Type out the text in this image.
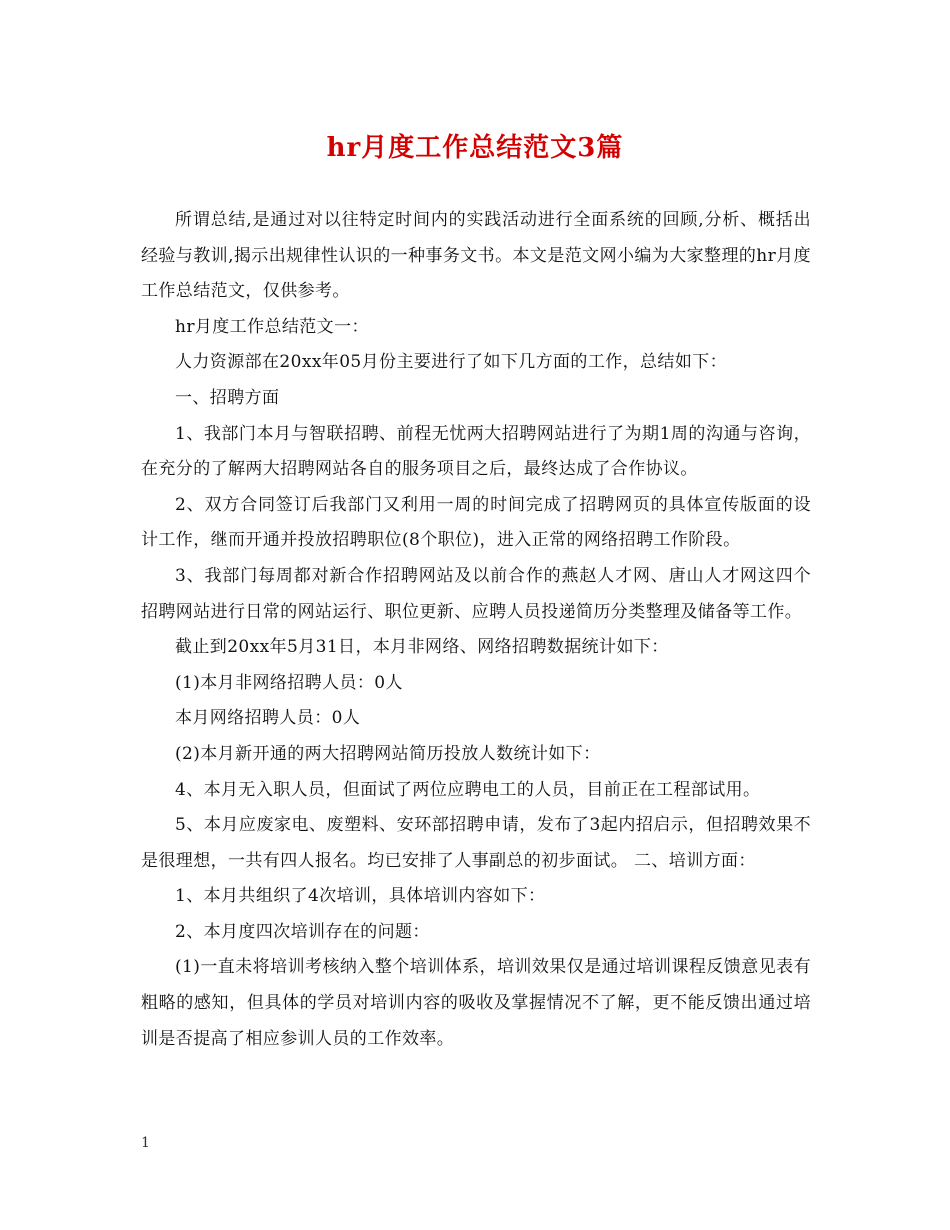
hr月度工作总结范文3篇

所谓总结,是通过对以往特定时间内的实践活动进行全面系统的回顾,分析、概括出经验与教训,揭示出规律性认识的一种事务文书。本文是范文网小编为大家整理的hr月度工作总结范文，仅供参考。

hr月度工作总结范文一：

人力资源部在20xx年05月份主要进行了如下几方面的工作，总结如下：

一、招聘方面

1、我部门本月与智联招聘、前程无忧两大招聘网站进行了为期1周的沟通与咨询，在充分的了解两大招聘网站各自的服务项目之后，最终达成了合作协议。

2、双方合同签订后我部门又利用一周的时间完成了招聘网页的具体宣传版面的设计工作，继而开通并投放招聘职位(8个职位)，进入正常的网络招聘工作阶段。

3、我部门每周都对新合作招聘网站及以前合作的燕赵人才网、唐山人才网这四个招聘网站进行日常的网站运行、职位更新、应聘人员投递简历分类整理及储备等工作。

截止到20xx年5月31日，本月非网络、网络招聘数据统计如下：

(1)本月非网络招聘人员：0人

本月网络招聘人员：0人

(2)本月新开通的两大招聘网站简历投放人数统计如下：

4、本月无入职人员，但面试了两位应聘电工的人员，目前正在工程部试用。

5、本月应废家电、废塑料、安环部招聘申请，发布了3起内招启示，但招聘效果不是很理想，一共有四人报名。均已安排了人事副总的初步面试。 二、培训方面：

1、本月共组织了4次培训，具体培训内容如下：

2、本月度四次培训存在的问题：

(1)一直未将培训考核纳入整个培训体系，培训效果仅是通过培训课程反馈意见表有粗略的感知，但具体的学员对培训内容的吸收及掌握情况不了解，更不能反馈出通过培训是否提高了相应参训人员的工作效率。

1
